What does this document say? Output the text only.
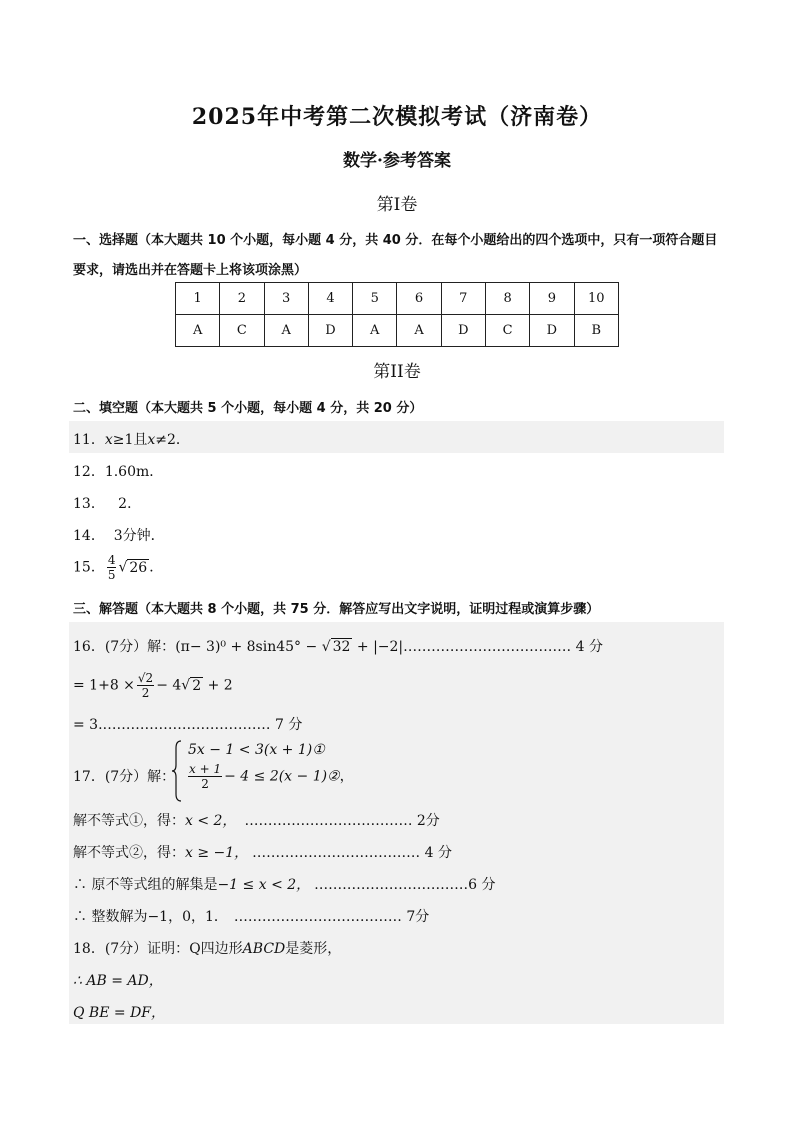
2025年中考第二次模拟考试（济南卷）
数学·参考答案
第Ⅰ卷
一、选择题（本大题共 10 个小题，每小题 4 分，共 40 分．在每个小题给出的四个选项中，只有一项符合题目要求，请选出并在答题卡上将该项涂黑）
1	2	3	4	5	6	7	8	9	10
A	C	A	D	A	A	D	C	D	B
第II卷
二、填空题（本大题共 5 个小题，每小题 4 分，共 20 分）
11．x≥1且x≠2．
12．1.60m．
13．   2．
14．  3分钟．
15． $\frac{4}{5}$ √ 26 ．
三、解答题（本大题共 8 个小题，共 75 分．解答应写出文字说明，证明过程或演算步骤）
16．(7分）解：(π− 3)⁰ + 8sin45° − √ 32 + |−2|……………………………… 4 分
= $1+8 \times \frac{√2}{2} - 4√$ 2 + 2
= 3.……………………………… 7 分
17．(7分）解：
5x − 1 < 3(x + 1)①
$\frac{x + 1}{2} - 4 \le 2(x$ − 1)②，
解不等式①，得：x < 2， ……………………………… 2分
解不等式②，得：x ≥ −1， ……………………………… 4 分
∴ 原不等式组的解集是−1 ≤ x < 2， ……………………………6 分
∴ 整数解为−1，0，1． ……………………………… 7分
18．(7分）证明：Q四边形ABCD是菱形，
∴ AB = AD，
Q BE = DF，
